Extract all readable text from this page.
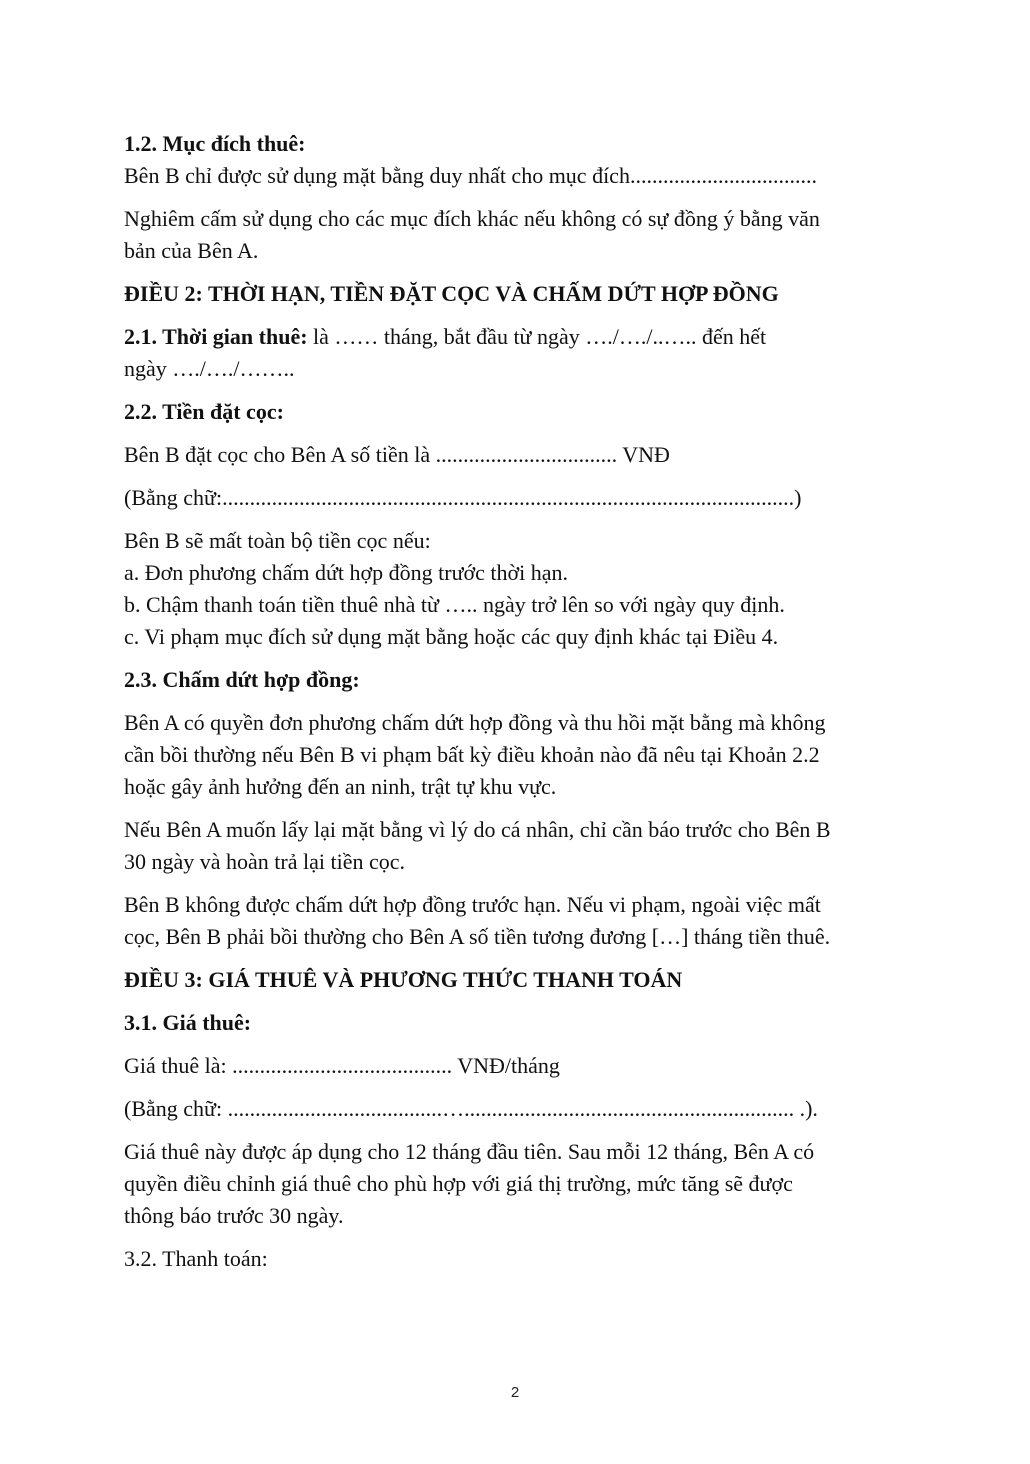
1.2. Mục đích thuê:

Bên B chỉ được sử dụng mặt bằng duy nhất cho mục đích..................................

Nghiêm cấm sử dụng cho các mục đích khác nếu không có sự đồng ý bằng văn

bản của Bên A.

ĐIỀU 2: THỜI HẠN, TIỀN ĐẶT CỌC VÀ CHẤM DỨT HỢP ĐỒNG

2.1. Thời gian thuê: là …… tháng, bắt đầu từ ngày …./…./..….. đến hết

ngày …./…./……..

2.2. Tiền đặt cọc:

Bên B đặt cọc cho Bên A số tiền là ................................. VNĐ

(Bằng chữ:........................................................................................................)

Bên B sẽ mất toàn bộ tiền cọc nếu:

a. Đơn phương chấm dứt hợp đồng trước thời hạn.

b. Chậm thanh toán tiền thuê nhà từ ….. ngày trở lên so với ngày quy định.

c. Vi phạm mục đích sử dụng mặt bằng hoặc các quy định khác tại Điều 4.

2.3. Chấm dứt hợp đồng:

Bên A có quyền đơn phương chấm dứt hợp đồng và thu hồi mặt bằng mà không

cần bồi thường nếu Bên B vi phạm bất kỳ điều khoản nào đã nêu tại Khoản 2.2

hoặc gây ảnh hưởng đến an ninh, trật tự khu vực.

Nếu Bên A muốn lấy lại mặt bằng vì lý do cá nhân, chỉ cần báo trước cho Bên B

30 ngày và hoàn trả lại tiền cọc.

Bên B không được chấm dứt hợp đồng trước hạn. Nếu vi phạm, ngoài việc mất

cọc, Bên B phải bồi thường cho Bên A số tiền tương đương […] tháng tiền thuê.

ĐIỀU 3: GIÁ THUÊ VÀ PHƯƠNG THỨC THANH TOÁN

3.1. Giá thuê:

Giá thuê là: ........................................ VNĐ/tháng

(Bằng chữ: .......................................…............................................................ .).

Giá thuê này được áp dụng cho 12 tháng đầu tiên. Sau mỗi 12 tháng, Bên A có

quyền điều chỉnh giá thuê cho phù hợp với giá thị trường, mức tăng sẽ được

thông báo trước 30 ngày.

3.2. Thanh toán:

2
